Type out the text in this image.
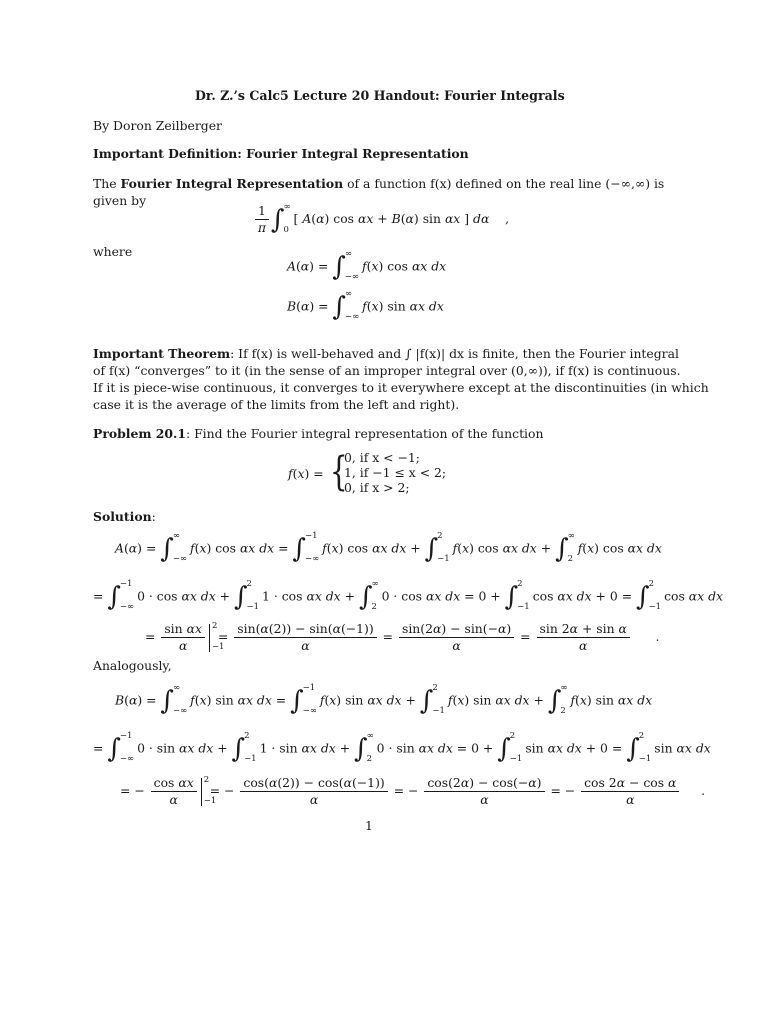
Dr. Z.’s Calc5 Lecture 20 Handout: Fourier Integrals
By Doron Zeilberger
Important Definition: Fourier Integral Representation
The Fourier Integral Representation of a function f(x) defined on the real line (−∞,∞) is
given by
$\frac{1}{\pi}$ ∫ ∞
0
[ A(α) cos αx + B(α) sin αx ] dα    ,
where
A(α) = ∫ ∞
−∞
f(x) cos αx dx
B(α) = ∫ ∞
−∞
f(x) sin αx dx
Important Theorem: If f(x) is well-behaved and ∫ |f(x)| dx is finite, then the Fourier integral
of f(x) “converges” to it (in the sense of an improper integral over (0,∞)), if f(x) is continuous.
If it is piece-wise continuous, it converges to it everywhere except at the discontinuities (in which
case it is the average of the limits from the left and right).
Problem 20.1: Find the Fourier integral representation of the function
f(x) = {
0, if x < −1;
1, if −1 ≤ x < 2;
0, if x > 2;
Solution:
A(α) = ∫ ∞
−∞
f(x) cos αx dx = ∫ −1
−∞
f(x) cos αx dx + ∫ 2
−1
f(x) cos αx dx + ∫ ∞
2
f(x) cos αx dx
= ∫ −1
−∞
0 · cos αx dx + ∫ 2
−1
1 · cos αx dx + ∫ ∞
2
0 · cos αx dx = 0 + ∫ 2
−1
cos αx dx + 0 = ∫ 2
−1
cos αx dx
= $\frac{\text{sin αx}}{\alpha} 2$
−1
= $\frac{\sin(\alpha(2)) - \sin(\alpha(-1))}{\alpha} = \frac{\sin(2\alpha) - \sin(-\alpha)}{\alpha} = \frac{\text{sin 2α + sin α}}{\alpha}$ .
Analogously,
B(α) = ∫ ∞
−∞
f(x) sin αx dx = ∫ −1
−∞
f(x) sin αx dx + ∫ 2
−1
f(x) sin αx dx + ∫ ∞
2
f(x) sin αx dx
= ∫ −1
−∞
0 · sin αx dx + ∫ 2
−1
1 · sin αx dx + ∫ ∞
2
0 · sin αx dx = 0 + ∫ 2
−1
sin αx dx + 0 = ∫ 2
−1
sin αx dx
= − $\frac{\text{cos αx}}{\alpha} 2$
−1
= − $\frac{\cos(\alpha(2)) - \cos(\alpha(-1))}{\alpha}$ = − $\frac{\cos(2\alpha) - \cos(-\alpha)}{\alpha}$ = − $\frac{\text{cos 2α − cos α}}{\alpha}$ .
1
